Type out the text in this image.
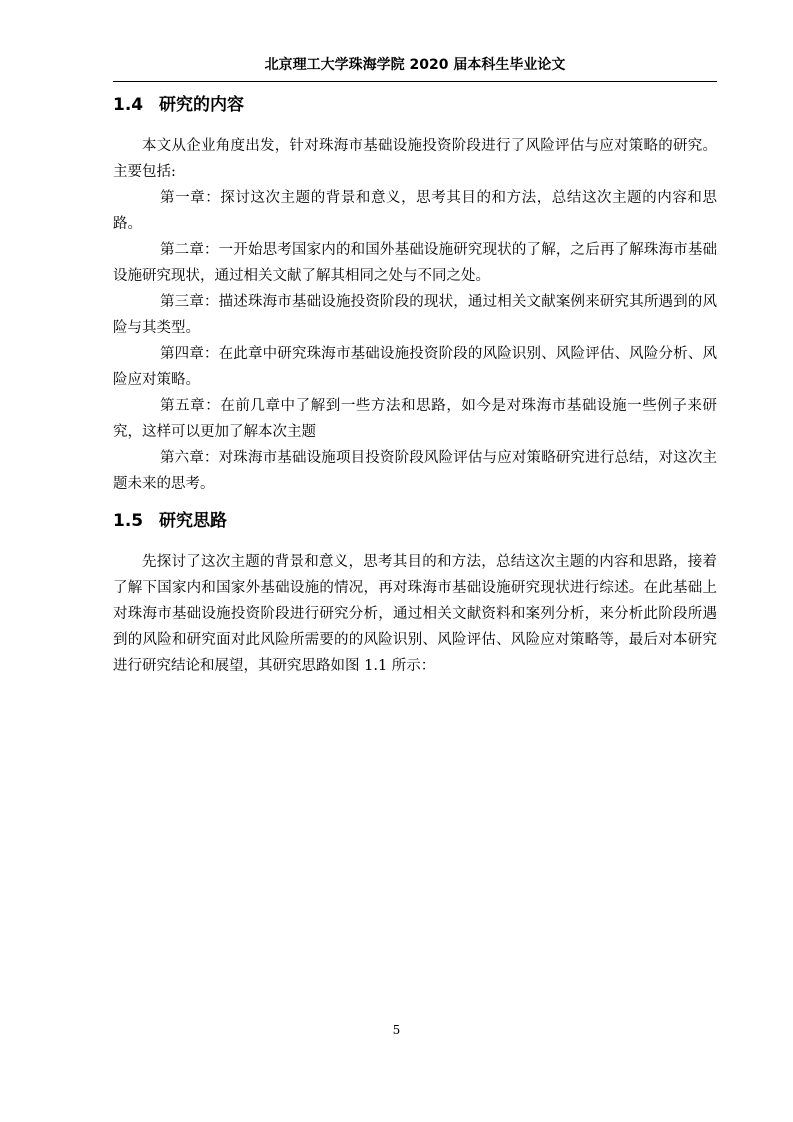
北京理工大学珠海学院 2020 届本科生毕业论文
1.4 研究的内容

本文从企业角度出发，针对珠海市基础设施投资阶段进行了风险评估与应对策略的研究。主要包括:

第一章：探讨这次主题的背景和意义，思考其目的和方法，总结这次主题的内容和思路。

第二章：一开始思考国家内的和国外基础设施研究现状的了解，之后再了解珠海市基础设施研究现状，通过相关文献了解其相同之处与不同之处。

第三章：描述珠海市基础设施投资阶段的现状，通过相关文献案例来研究其所遇到的风险与其类型。

第四章：在此章中研究珠海市基础设施投资阶段的风险识别、风险评估、风险分析、风险应对策略。

第五章：在前几章中了解到一些方法和思路，如今是对珠海市基础设施一些例子来研究，这样可以更加了解本次主题

第六章：对珠海市基础设施项目投资阶段风险评估与应对策略研究进行总结，对这次主题未来的思考。

1.5 研究思路

先探讨了这次主题的背景和意义，思考其目的和方法，总结这次主题的内容和思路，接着了解下国家内和国家外基础设施的情况，再对珠海市基础设施研究现状进行综述。在此基础上对珠海市基础设施投资阶段进行研究分析，通过相关文献资料和案列分析，来分析此阶段所遇到的风险和研究面对此风险所需要的的风险识别、风险评估、风险应对策略等，最后对本研究进行研究结论和展望，其研究思路如图 1.1 所示：

5
